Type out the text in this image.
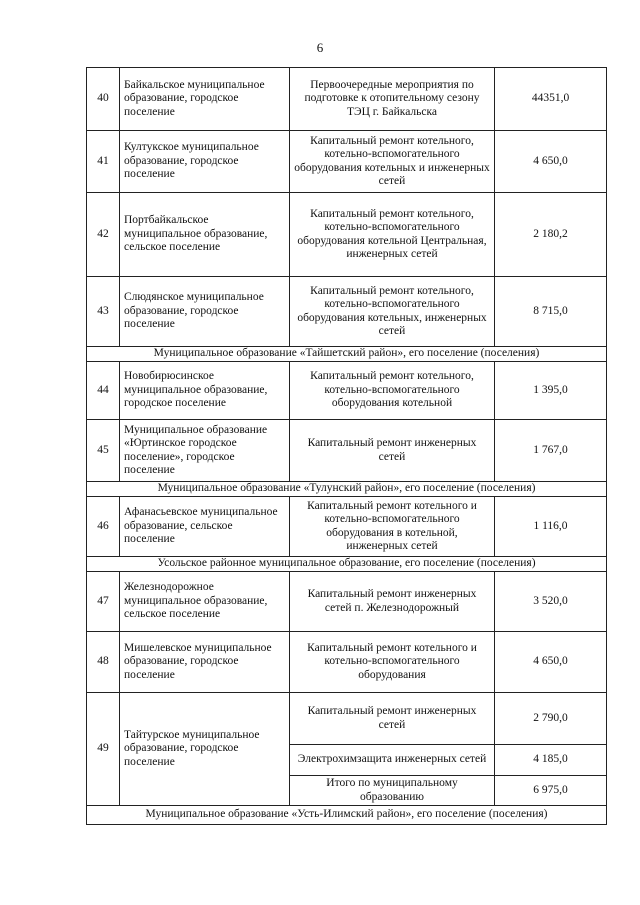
6
40	Байкальское муниципальное образование, городское поселение	Первоочередные мероприятия по подготовке к отопительному сезону ТЭЦ г. Байкальска	44351,0
41	Култукское муниципальное образование, городское поселение	Капитальный ремонт котельного, котельно-вспомогательного оборудования котельных и инженерных сетей	4 650,0
42	Портбайкальское муниципальное образование, сельское поселение	Капитальный ремонт котельного, котельно-вспомогательного оборудования котельной Центральная, инженерных сетей	2 180,2
43	Слюдянское муниципальное образование, городское поселение	Капитальный ремонт котельного, котельно-вспомогательного оборудования котельных, инженерных сетей	8 715,0
Муниципальное образование «Тайшетский район», его поселение (поселения)			
44	Новобирюсинское муниципальное образование, городское поселение	Капитальный ремонт котельного, котельно-вспомогательного оборудования котельной	1 395,0
45	Муниципальное образование «Юртинское городское поселение», городское поселение	Капитальный ремонт инженерных сетей	1 767,0
Муниципальное образование «Тулунский район», его поселение (поселения)			
46	Афанасьевское муниципальное образование, сельское поселение	Капитальный ремонт котельного и котельно-вспомогательного оборудования в котельной, инженерных сетей	1 116,0
Усольское районное муниципальное образование, его поселение (поселения)			
47	Железнодорожное муниципальное образование, сельское поселение	Капитальный ремонт инженерных сетей п. Железнодорожный	3 520,0
48	Мишелевское муниципальное образование, городское поселение	Капитальный ремонт котельного и котельно-вспомогательного оборудования	4 650,0
49	Тайтурское муниципальное образование, городское поселение	Капитальный ремонт инженерных сетей	2 790,0
		Электрохимзащита инженерных сетей	4 185,0
		Итого по муниципальному образованию	6 975,0
Муниципальное образование «Усть-Илимский район», его поселение (поселения)			
